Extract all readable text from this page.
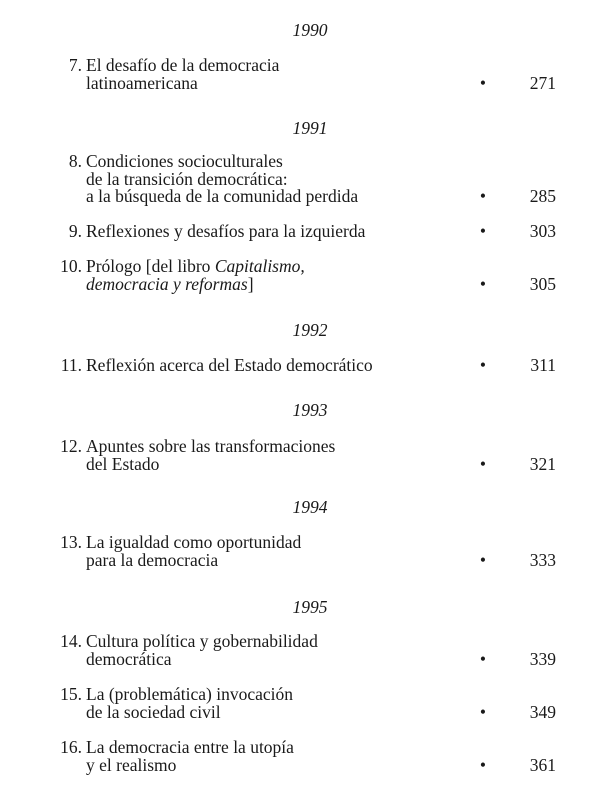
1990
7. El desafío de la democracia
latinoamericana	•	271
1991
8. Condiciones socioculturales
de la transición democrática:
a la búsqueda de la comunidad perdida	•	285
9. Reflexiones y desafíos para la izquierda	•	303
10. Prólogo [del libro Capitalismo,
democracia y reformas]	•	305
1992
11. Reflexión acerca del Estado democrático	•	311
1993
12. Apuntes sobre las transformaciones
del Estado	•	321
1994
13. La igualdad como oportunidad
para la democracia	•	333
1995
14. Cultura política y gobernabilidad
democrática	•	339
15. La (problemática) invocación
de la sociedad civil	•	349
16. La democracia entre la utopía
y el realismo	•	361
